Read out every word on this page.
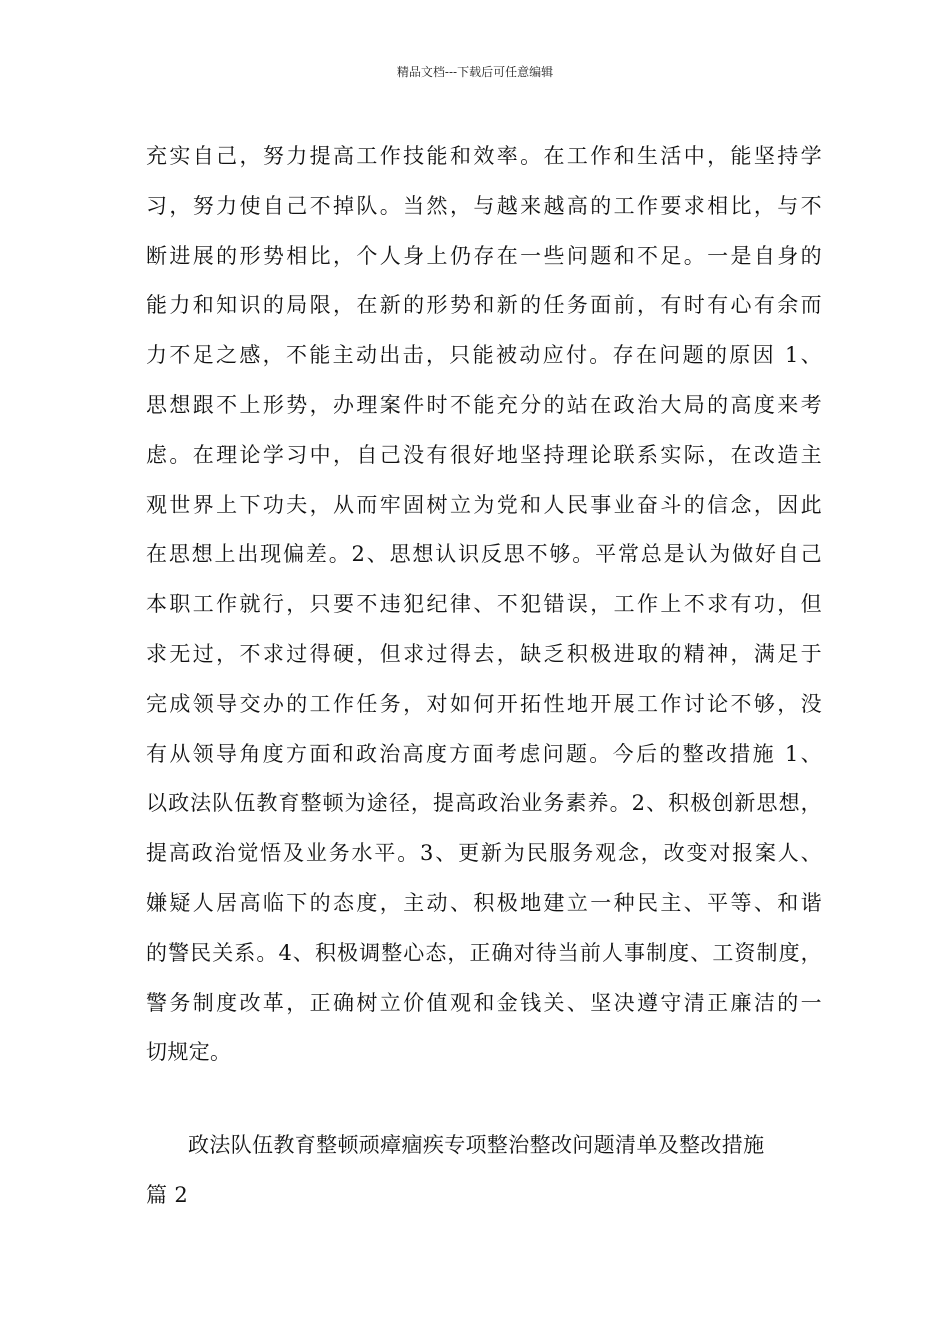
精品文档---下载后可任意编辑
充实自己，努力提高工作技能和效率。在工作和生活中，能坚持学
习，努力使自己不掉队。当然，与越来越高的工作要求相比，与不
断进展的形势相比，个人身上仍存在一些问题和不足。一是自身的
能力和知识的局限，在新的形势和新的任务面前，有时有心有余而
力不足之感，不能主动出击，只能被动应付。存在问题的原因 1、
思想跟不上形势，办理案件时不能充分的站在政治大局的高度来考
虑。在理论学习中，自己没有很好地坚持理论联系实际，在改造主
观世界上下功夫，从而牢固树立为党和人民事业奋斗的信念，因此
在思想上出现偏差。2、思想认识反思不够。平常总是认为做好自己
本职工作就行，只要不违犯纪律、不犯错误，工作上不求有功，但
求无过，不求过得硬，但求过得去，缺乏积极进取的精神，满足于
完成领导交办的工作任务，对如何开拓性地开展工作讨论不够，没
有从领导角度方面和政治高度方面考虑问题。今后的整改措施 1、
以政法队伍教育整顿为途径，提高政治业务素养。2、积极创新思想，
提高政治觉悟及业务水平。3、更新为民服务观念，改变对报案人、
嫌疑人居高临下的态度，主动、积极地建立一种民主、平等、和谐
的警民关系。4、积极调整心态，正确对待当前人事制度、工资制度，
警务制度改革，正确树立价值观和金钱关、坚决遵守清正廉洁的一
切规定。
政法队伍教育整顿顽瘴痼疾专项整治整改问题清单及整改措施
篇 2
